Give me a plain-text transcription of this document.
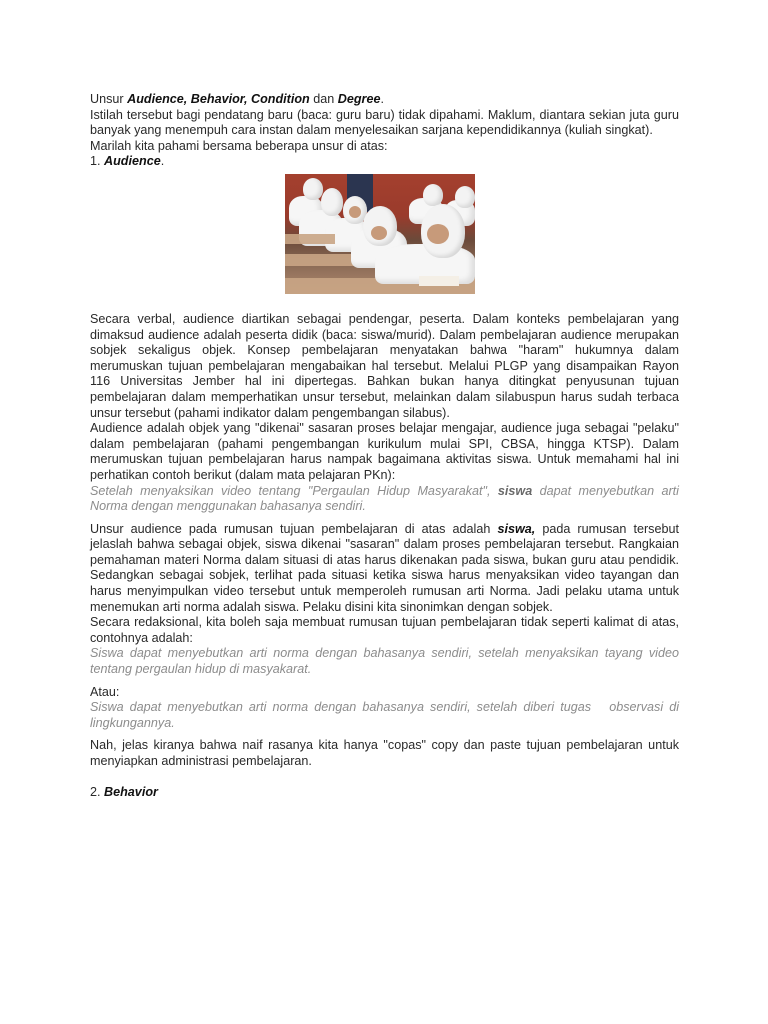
Unsur Audience, Behavior, Condition dan Degree.

Istilah tersebut bagi pendatang baru (baca: guru baru) tidak dipahami. Maklum, diantara sekian juta guru banyak yang menempuh cara instan dalam menyelesaikan sarjana kependidikannya (kuliah singkat).

Marilah kita pahami bersama beberapa unsur di atas:

1. Audience.

Secara verbal, audience diartikan sebagai pendengar, peserta. Dalam konteks pembelajaran yang dimaksud audience adalah peserta didik (baca: siswa/murid). Dalam pembelajaran audience merupakan sobjek sekaligus objek. Konsep pembelajaran menyatakan bahwa "haram" hukumnya dalam merumuskan tujuan pembelajaran mengabaikan hal tersebut. Melalui PLGP yang disampaikan Rayon 116 Universitas Jember hal ini dipertegas. Bahkan bukan hanya ditingkat penyusunan tujuan pembelajaran dalam memperhatikan unsur tersebut, melainkan dalam silabuspun harus sudah terbaca unsur tersebut (pahami indikator dalam pengembangan silabus).

Audience adalah objek yang "dikenai" sasaran proses belajar mengajar, audience juga sebagai "pelaku" dalam pembelajaran (pahami pengembangan kurikulum mulai SPI, CBSA, hingga KTSP). Dalam merumuskan tujuan pembelajaran harus nampak bagaimana aktivitas siswa. Untuk memahami hal ini perhatikan contoh berikut (dalam mata pelajaran PKn):

Setelah menyaksikan video tentang "Pergaulan Hidup Masyarakat", siswa dapat menyebutkan arti Norma dengan menggunakan bahasanya sendiri.

Unsur audience pada rumusan tujuan pembelajaran di atas adalah siswa, pada rumusan tersebut jelaslah bahwa sebagai objek, siswa dikenai "sasaran" dalam proses pembelajaran tersebut. Rangkaian pemahaman materi Norma dalam situasi di atas harus dikenakan pada siswa, bukan guru atau pendidik. Sedangkan sebagai sobjek, terlihat pada situasi ketika siswa harus menyaksikan video tayangan dan harus menyimpulkan video tersebut untuk memperoleh rumusan arti Norma. Jadi pelaku utama untuk menemukan arti norma adalah siswa. Pelaku disini kita sinonimkan dengan sobjek.

Secara redaksional, kita boleh saja membuat rumusan tujuan pembelajaran tidak seperti kalimat di atas, contohnya adalah:

Siswa dapat menyebutkan arti norma dengan bahasanya sendiri, setelah menyaksikan tayang video tentang pergaulan hidup di masyakarat.

Atau:

Siswa dapat menyebutkan arti norma dengan bahasanya sendiri, setelah diberi tugas   observasi di lingkungannya.

Nah, jelas kiranya bahwa naif rasanya kita hanya "copas" copy dan paste tujuan pembelajaran untuk menyiapkan administrasi pembelajaran.

2. Behavior
